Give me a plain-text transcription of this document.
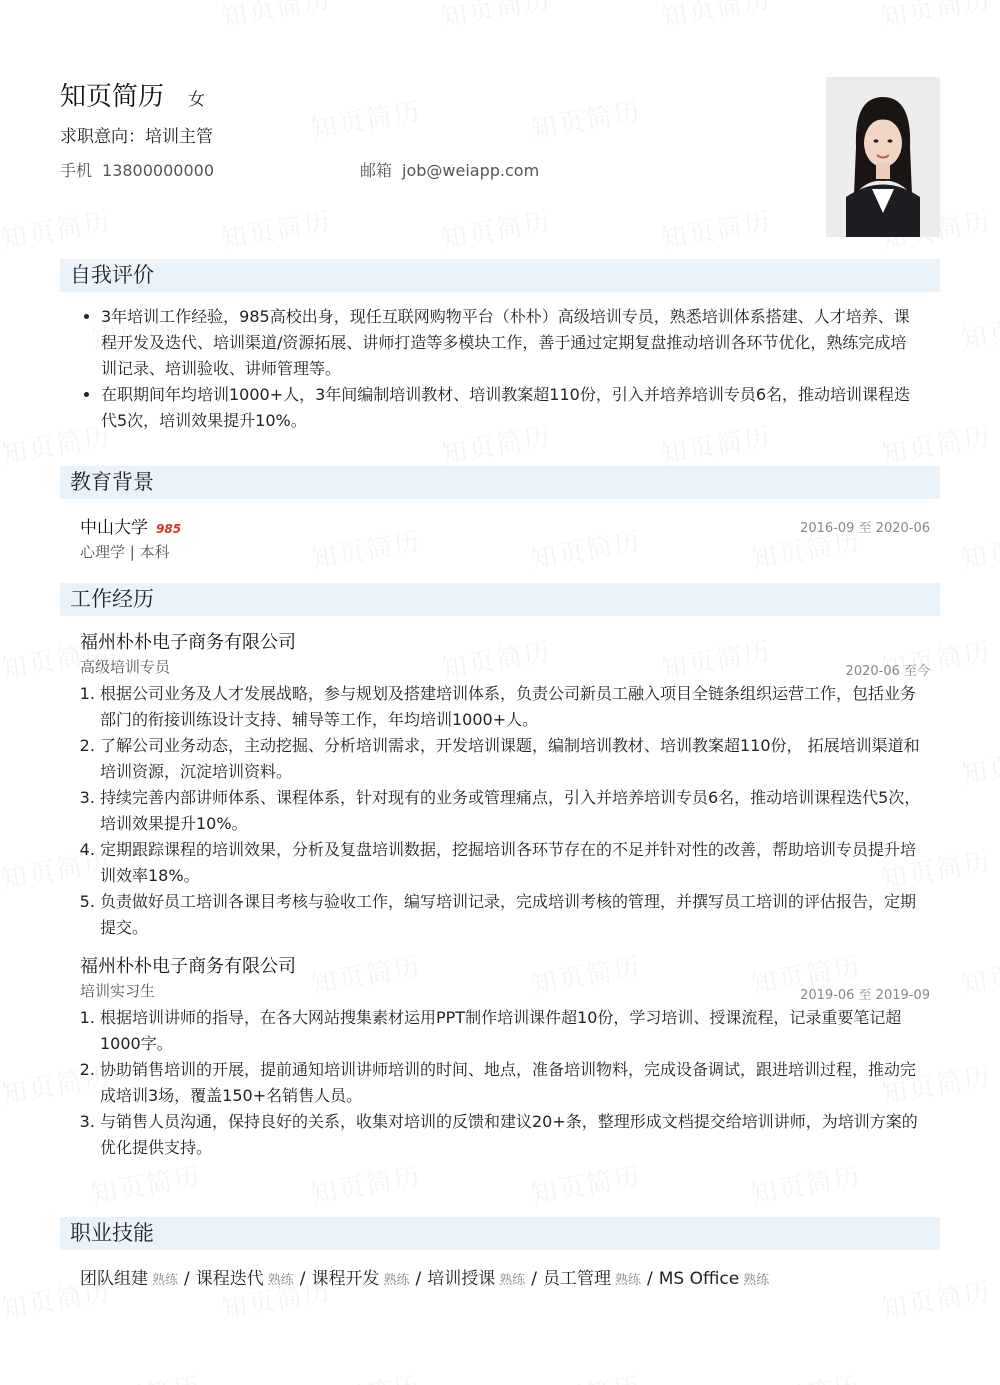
知页简历 女
求职意向：培训主管
手机 13800000000	邮箱 job@weiapp.com
自我评价
• 3年培训工作经验，985高校出身，现任互联网购物平台（朴朴）高级培训专员，熟悉培训体系搭建、人才培养、课程开发及迭代、培训渠道/资源拓展、讲师打造等多模块工作，善于通过定期复盘推动培训各环节优化，熟练完成培训记录、培训验收、讲师管理等。
• 在职期间年均培训1000+人，3年间编制培训教材、培训教案超110份，引入并培养培训专员6名，推动培训课程迭代5次，培训效果提升10%。
教育背景
中山大学 985	2016-09 至 2020-06
心理学 | 本科
工作经历
福州朴朴电子商务有限公司
高级培训专员	2020-06 至今
1. 根据公司业务及人才发展战略，参与规划及搭建培训体系，负责公司新员工融入项目全链条组织运营工作，包括业务部门的衔接训练设计支持、辅导等工作，年均培训1000+人。
2. 了解公司业务动态，主动挖掘、分析培训需求，开发培训课题，编制培训教材、培训教案超110份， 拓展培训渠道和培训资源，沉淀培训资料。
3. 持续完善内部讲师体系、课程体系，针对现有的业务或管理痛点，引入并培养培训专员6名，推动培训课程迭代5次，培训效果提升10%。
4. 定期跟踪课程的培训效果，分析及复盘培训数据，挖掘培训各环节存在的不足并针对性的改善，帮助培训专员提升培训效率18%。
5. 负责做好员工培训各课目考核与验收工作，编写培训记录，完成培训考核的管理，并撰写员工培训的评估报告，定期提交。
福州朴朴电子商务有限公司
培训实习生	2019-06 至 2019-09
1. 根据培训讲师的指导，在各大网站搜集素材运用PPT制作培训课件超10份，学习培训、授课流程，记录重要笔记超1000字。
2. 协助销售培训的开展，提前通知培训讲师培训的时间、地点，准备培训物料，完成设备调试，跟进培训过程，推动完成培训3场，覆盖150+名销售人员。
3. 与销售人员沟通，保持良好的关系，收集对培训的反馈和建议20+条，整理形成文档提交给培训讲师，为培训方案的优化提供支持。
职业技能
团队组建 熟练 / 课程迭代 熟练 / 课程开发 熟练 / 培训授课 熟练 / 员工管理 熟练 / MS Office 熟练
